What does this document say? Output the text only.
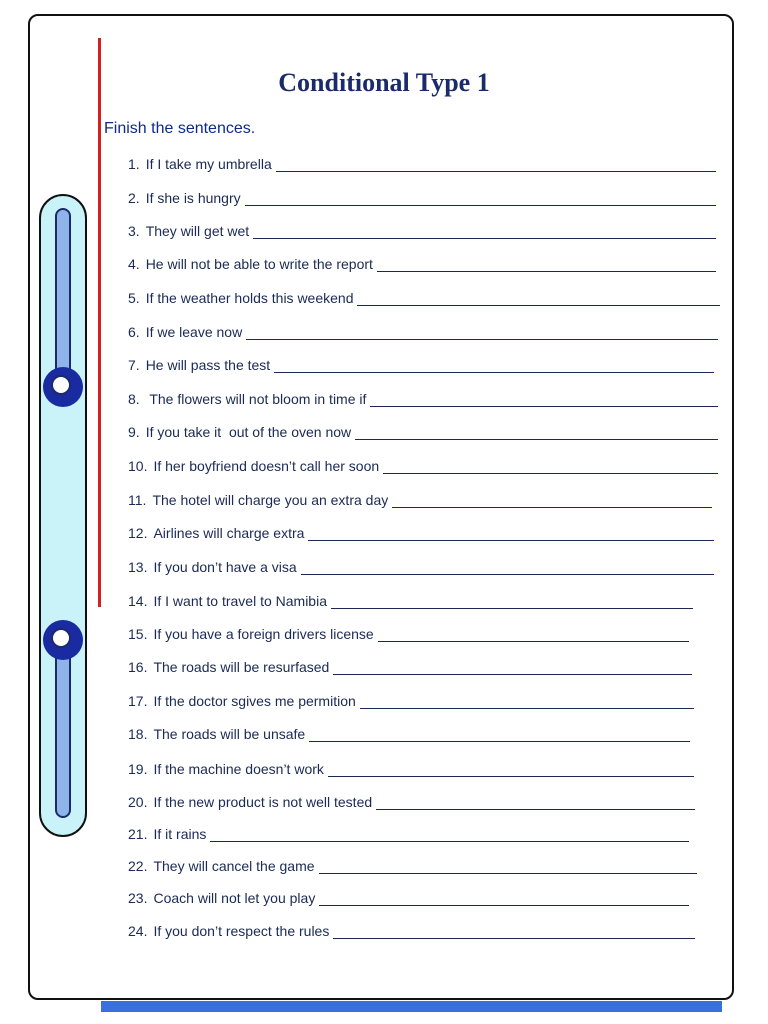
Conditional Type 1
Finish the sentences.
1. If I take my umbrella
2. If she is hungry
3. They will get wet
4. He will not be able to write the report
5. If the weather holds this weekend
6. If we leave now
7. He will pass the test
8. The flowers will not bloom in time if
9. If you take it  out of the oven now
10. If her boyfriend doesn’t call her soon
11. The hotel will charge you an extra day
12. Airlines will charge extra
13. If you don’t have a visa
14. If I want to travel to Namibia
15. If you have a foreign drivers license
16. The roads will be resurfased
17. If the doctor sgives me permition
18. The roads will be unsafe
19. If the machine doesn’t work
20. If the new product is not well tested
21. If it rains
22. They will cancel the game
23. Coach will not let you play
24. If you don’t respect the rules
